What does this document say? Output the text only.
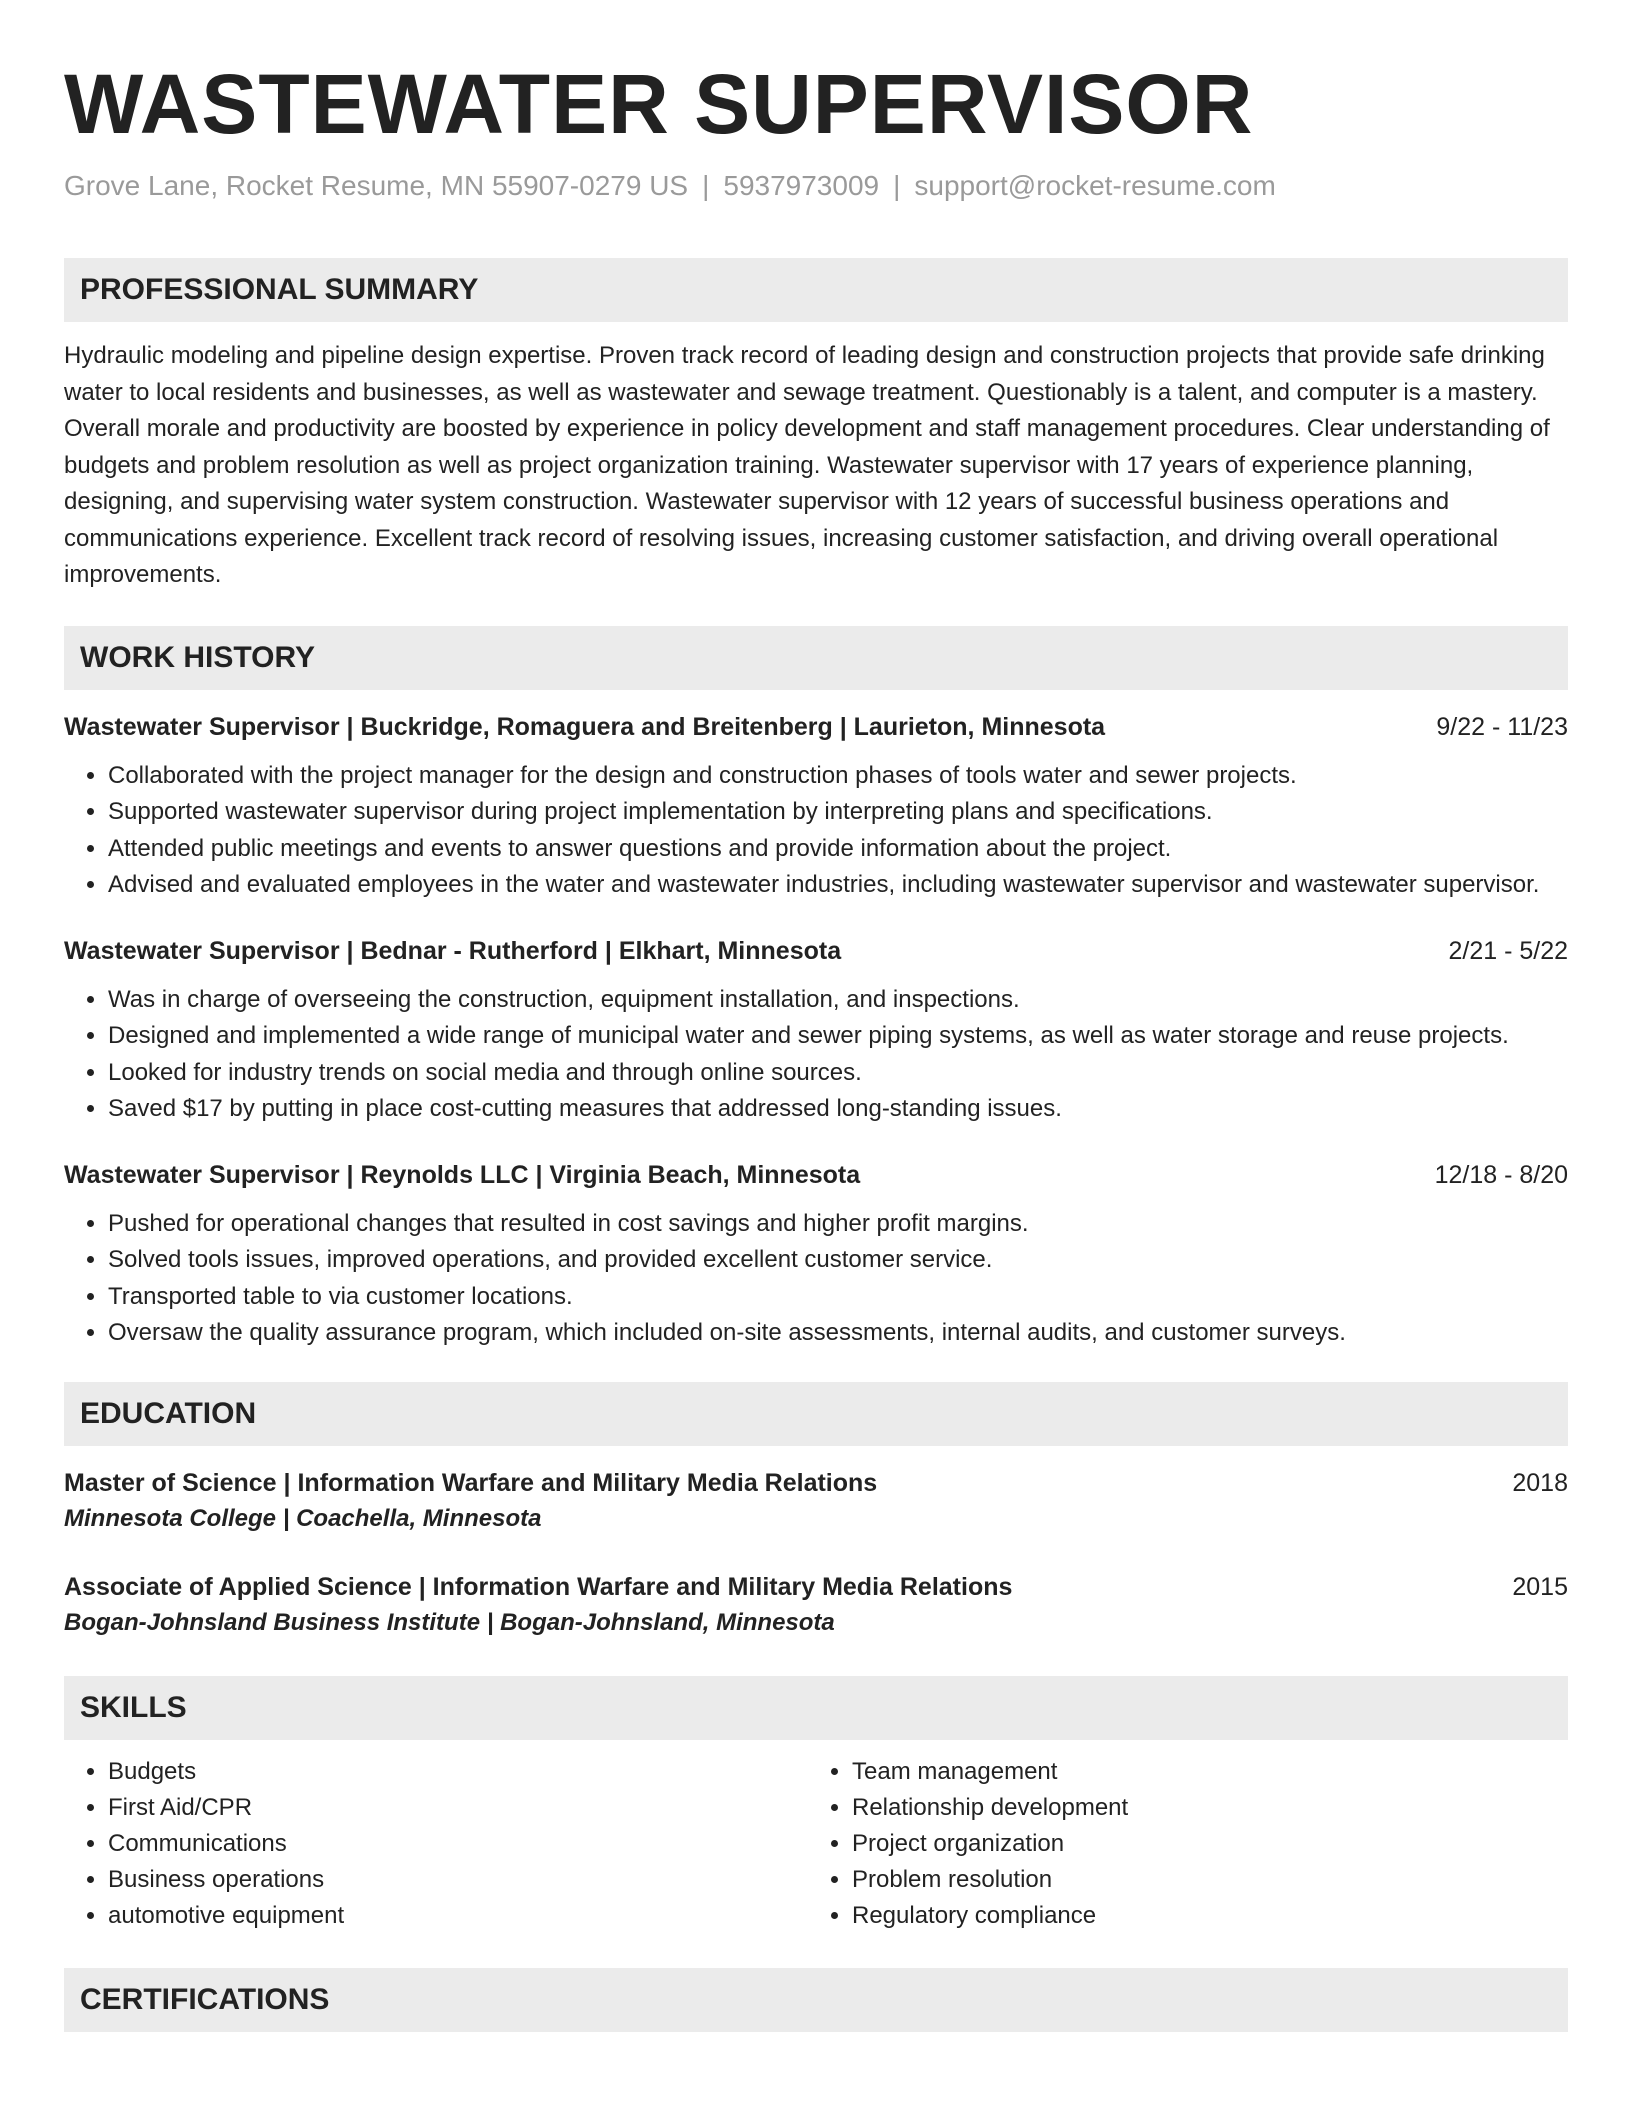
WASTEWATER SUPERVISOR
Grove Lane, Rocket Resume, MN 55907-0279 US | 5937973009 | support@rocket-resume.com
PROFESSIONAL SUMMARY

Hydraulic modeling and pipeline design expertise. Proven track record of leading design and construction projects that provide safe drinking water to local residents and businesses, as well as wastewater and sewage treatment. Questionably is a talent, and computer is a mastery. Overall morale and productivity are boosted by experience in policy development and staff management procedures. Clear understanding of budgets and problem resolution as well as project organization training. Wastewater supervisor with 17 years of experience planning, designing, and supervising water system construction. Wastewater supervisor with 12 years of successful business operations and communications experience. Excellent track record of resolving issues, increasing customer satisfaction, and driving overall operational improvements.

WORK HISTORY
Wastewater Supervisor | Buckridge, Romaguera and Breitenberg | Laurieton, Minnesota	9/22 - 11/23
• Collaborated with the project manager for the design and construction phases of tools water and sewer projects.
• Supported wastewater supervisor during project implementation by interpreting plans and specifications.
• Attended public meetings and events to answer questions and provide information about the project.
• Advised and evaluated employees in the water and wastewater industries, including wastewater supervisor and wastewater supervisor.
Wastewater Supervisor | Bednar - Rutherford | Elkhart, Minnesota	2/21 - 5/22
• Was in charge of overseeing the construction, equipment installation, and inspections.
• Designed and implemented a wide range of municipal water and sewer piping systems, as well as water storage and reuse projects.
• Looked for industry trends on social media and through online sources.
• Saved $17 by putting in place cost-cutting measures that addressed long-standing issues.
Wastewater Supervisor | Reynolds LLC | Virginia Beach, Minnesota	12/18 - 8/20
• Pushed for operational changes that resulted in cost savings and higher profit margins.
• Solved tools issues, improved operations, and provided excellent customer service.
• Transported table to via customer locations.
• Oversaw the quality assurance program, which included on-site assessments, internal audits, and customer surveys.
EDUCATION
Master of Science | Information Warfare and Military Media Relations	2018
Minnesota College | Coachella, Minnesota
Associate of Applied Science | Information Warfare and Military Media Relations	2015
Bogan-Johnsland Business Institute | Bogan-Johnsland, Minnesota
SKILLS
• Budgets
• First Aid/CPR
• Communications
• Business operations
• automotive equipment
• Team management
• Relationship development
• Project organization
• Problem resolution
• Regulatory compliance
CERTIFICATIONS
